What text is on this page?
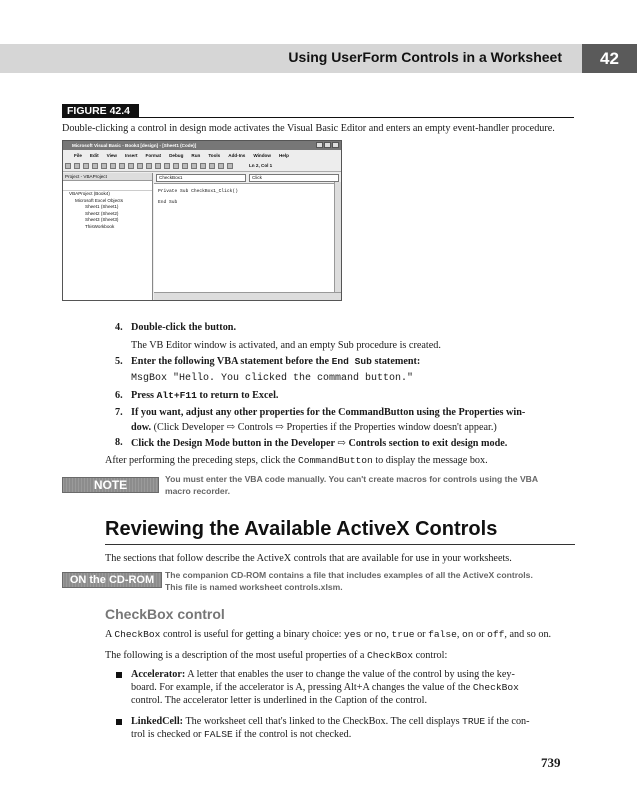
Using UserForm Controls in a Worksheet	42
FIGURE 42.4
Double-clicking a control in design mode activates the Visual Basic Editor and enters an empty event-handler procedure.
Microsoft Visual Basic - Book4 [design] - [Sheet1 (Code)]
File Edit View Insert Format Debug Run Tools Add-Ins Window Help
Ln 2, Col 1
Project - VBAProject
VBAProject (Book4)
Microsoft Excel Objects
Sheet1 (Sheet1)
Sheet2 (Sheet2)
Sheet3 (Sheet3)
ThisWorkbook
CheckBox1	Click
Private Sub CheckBox1_Click()
End Sub
4. Double-click the button.
The VB Editor window is activated, and an empty Sub procedure is created.
5. Enter the following VBA statement before the End Sub statement:
MsgBox "Hello. You clicked the command button."
6. Press Alt+F11 to return to Excel.
7. If you want, adjust any other properties for the CommandButton using the Properties win-
dow. (Click Developer ⇨ Controls ⇨ Properties if the Properties window doesn't appear.)
8. Click the Design Mode button in the Developer ⇨ Controls section to exit design mode.
After performing the preceding steps, click the CommandButton to display the message box.
NOTE	You must enter the VBA code manually. You can't create macros for controls using the VBA
macro recorder.
Reviewing the Available ActiveX Controls
The sections that follow describe the ActiveX controls that are available for use in your worksheets.
ON the CD-ROM	The companion CD-ROM contains a file that includes examples of all the ActiveX controls.
This file is named worksheet controls.xlsm.
CheckBox control
A CheckBox control is useful for getting a binary choice: yes or no, true or false, on or off, and so on.
The following is a description of the most useful properties of a CheckBox control:
Accelerator: A letter that enables the user to change the value of the control by using the key-
board. For example, if the accelerator is A, pressing Alt+A changes the value of the CheckBox
control. The accelerator letter is underlined in the Caption of the control.
LinkedCell: The worksheet cell that's linked to the CheckBox. The cell displays TRUE if the con-
trol is checked or FALSE if the control is not checked.
739
